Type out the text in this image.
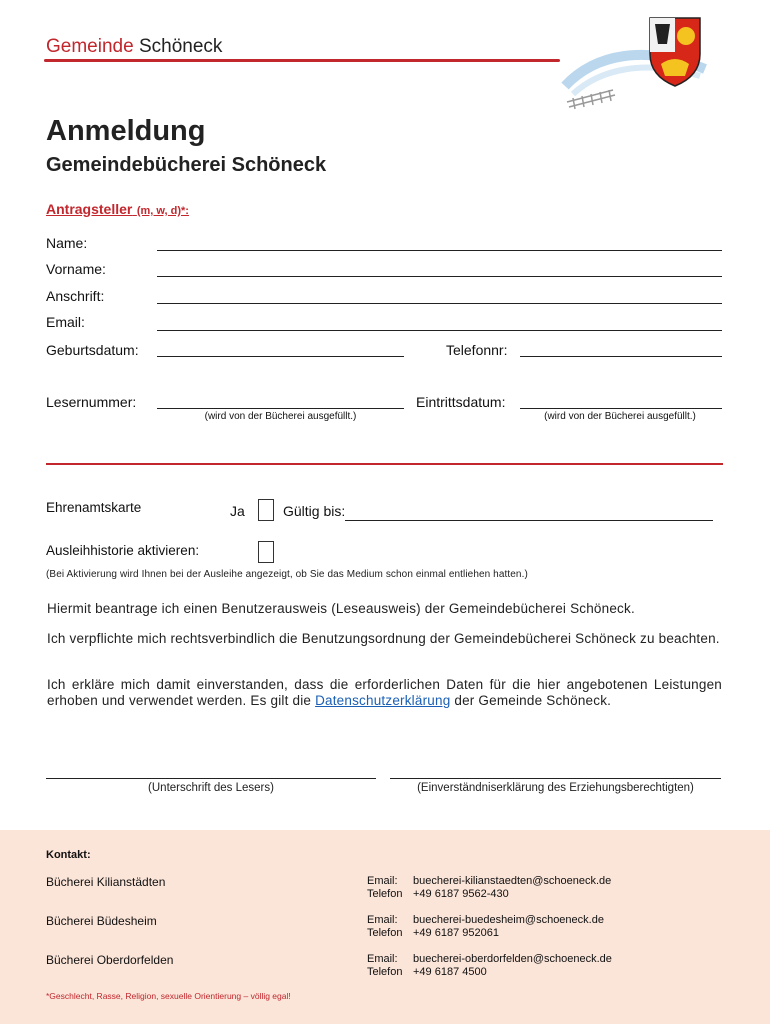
Gemeinde Schöneck
Anmeldung
Gemeindebücherei Schöneck
Antragsteller (m, w, d)*:
Name:
Vorname:
Anschrift:
Email:
Geburtsdatum:	Telefonnr:
Lesernummer:
(wird von der Bücherei ausgefüllt.)
Eintrittsdatum:
(wird von der Bücherei ausgefüllt.)
Ehrenamtskarte	Ja	Gültig bis:
Ausleihhistorie aktivieren:
(Bei Aktivierung wird Ihnen bei der Ausleihe angezeigt, ob Sie das Medium schon einmal entliehen hatten.)
Hiermit beantrage ich einen Benutzerausweis (Leseausweis) der Gemeindebücherei Schöneck.
Ich verpflichte mich rechtsverbindlich die Benutzungsordnung der Gemeindebücherei Schöneck zu beachten.
Ich erkläre mich damit einverstanden, dass die erforderlichen Daten für die hier angebotenen Leistungen erhoben und verwendet werden. Es gilt die Datenschutzerklärung der Gemeinde Schöneck.
(Unterschrift des Lesers)	(Einverständniserklärung des Erziehungsberechtigten)
Kontakt:
Bücherei Kilianstädten	Email: buecherei-kilianstaedten@schoeneck.de
Telefon +49 6187 9562-430
Bücherei Büdesheim	Email: buecherei-buedesheim@schoeneck.de
Telefon +49 6187 952061
Bücherei Oberdorfelden	Email: buecherei-oberdorfelden@schoeneck.de
Telefon +49 6187 4500
*Geschlecht, Rasse, Religion, sexuelle Orientierung – völlig egal!
